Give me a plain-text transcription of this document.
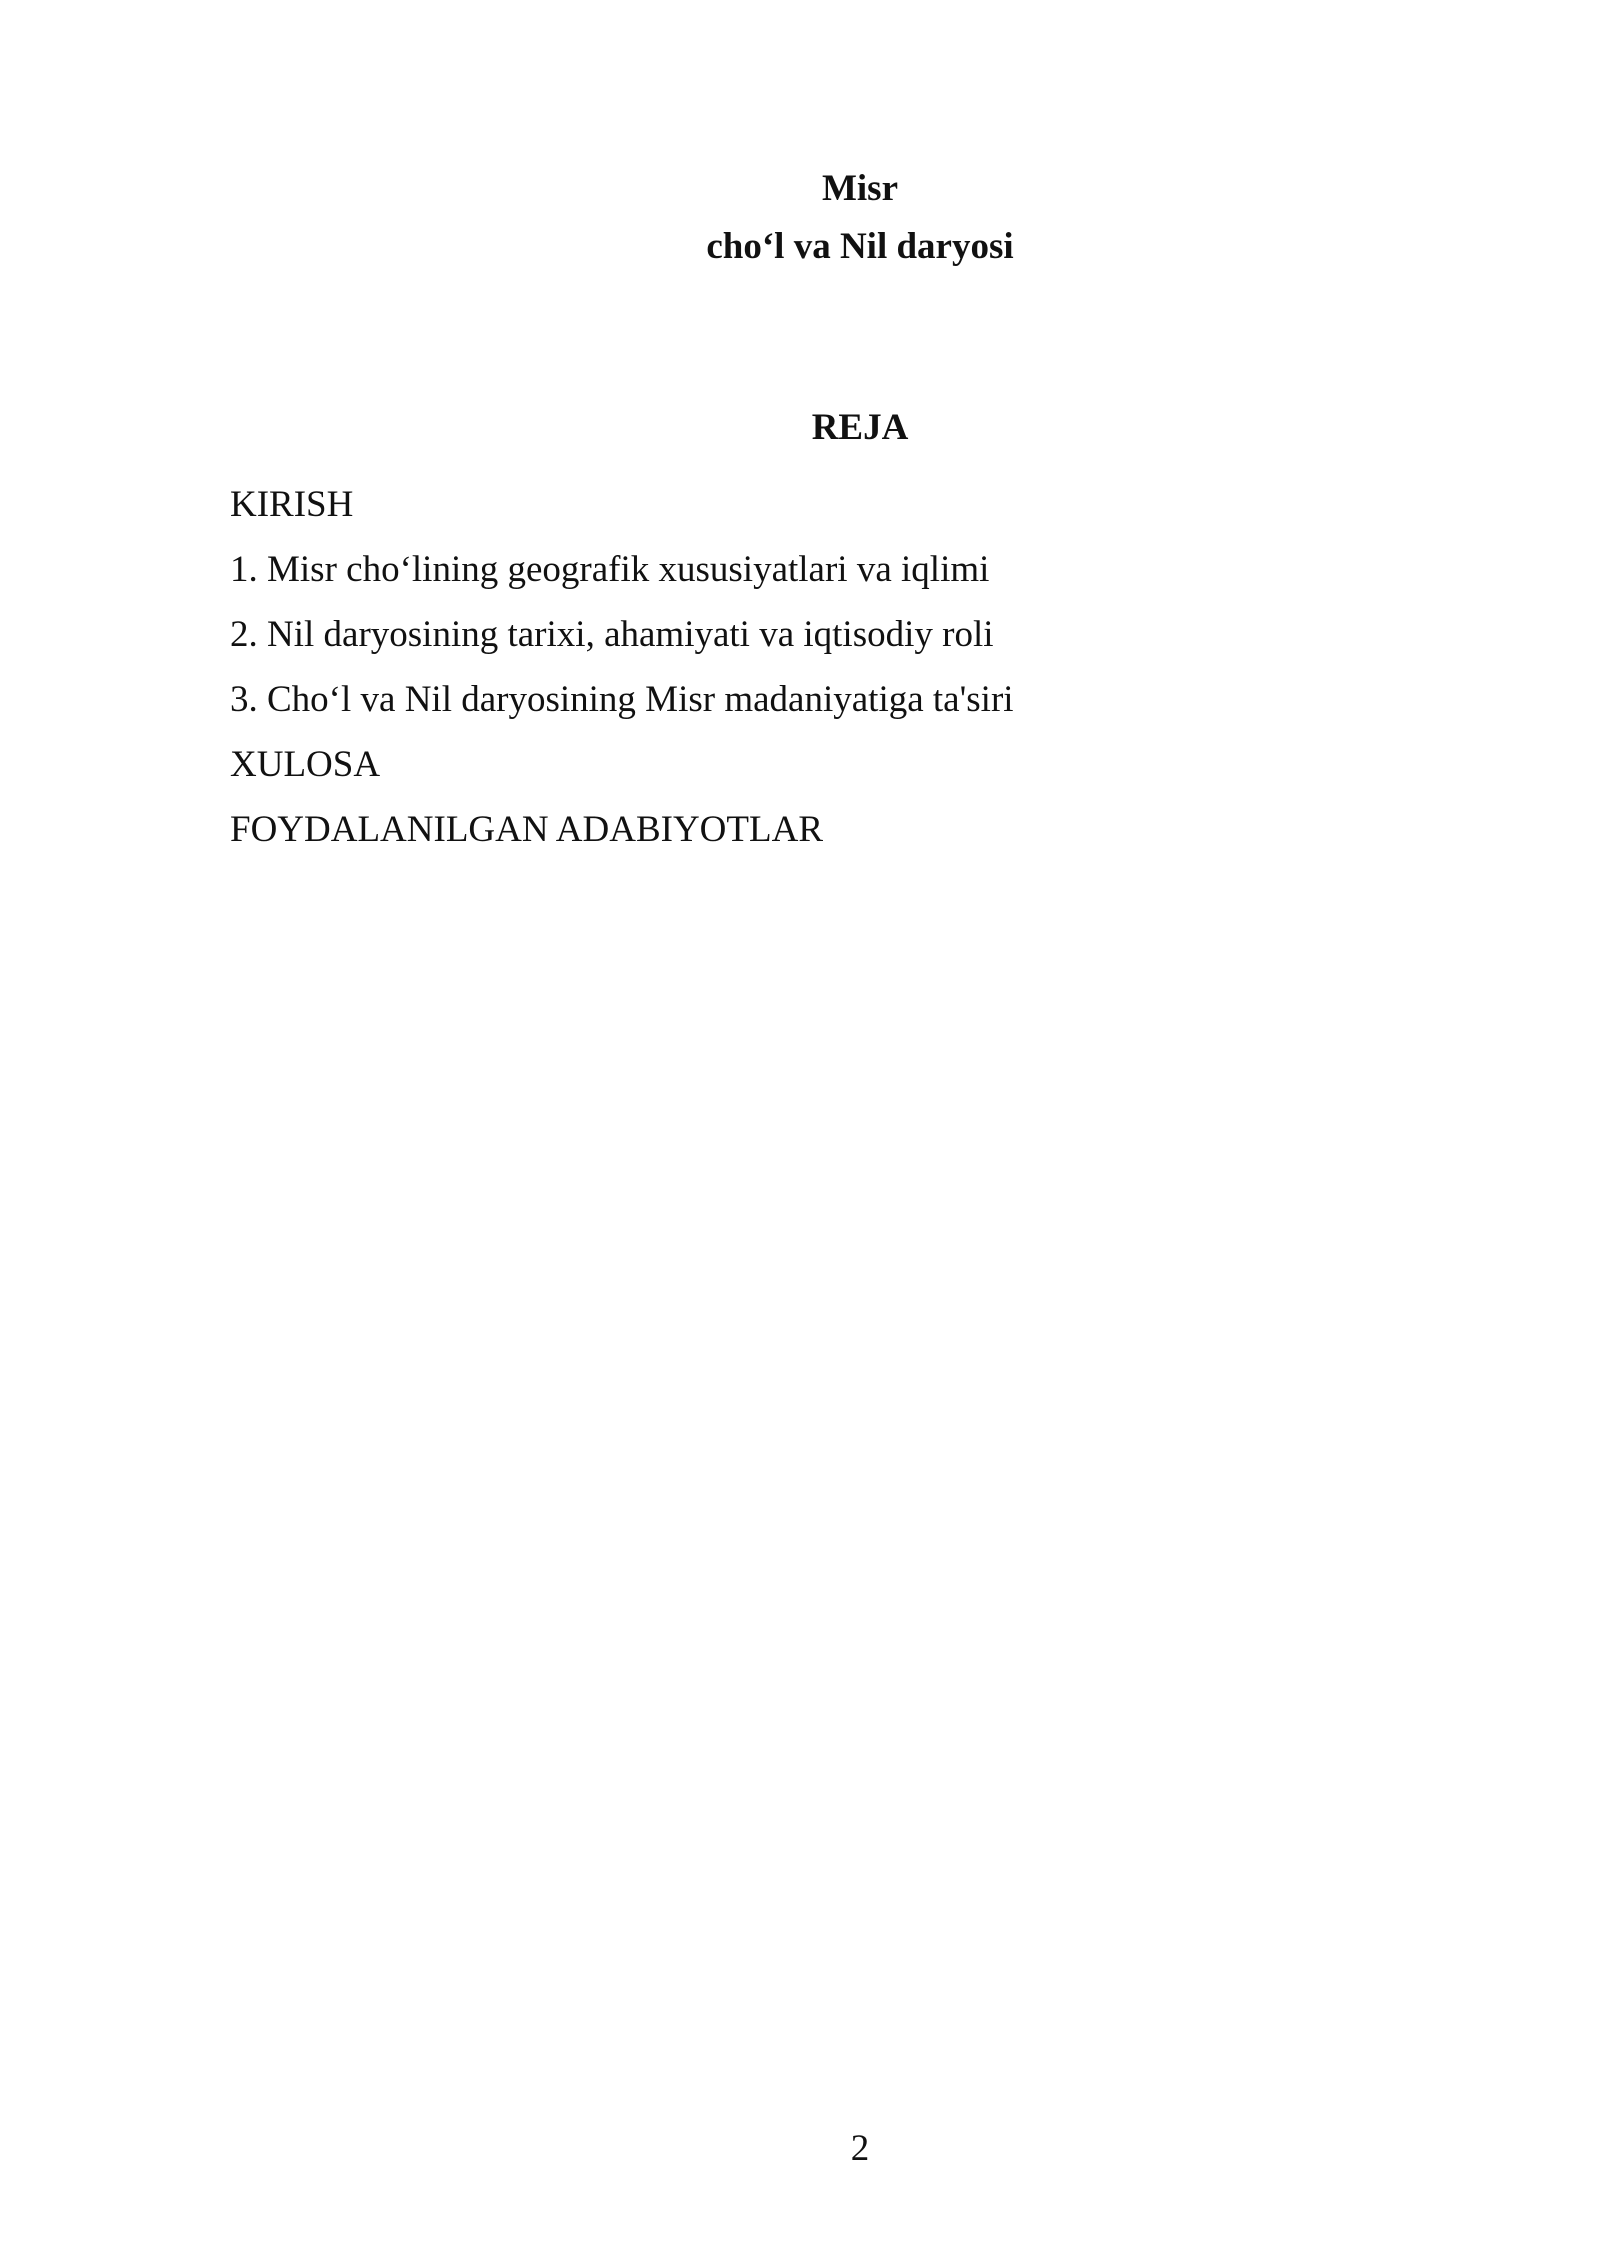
Misr
cho‘l va Nil daryosi
REJA
KIRISH
1. Misr cho‘lining geografik xususiyatlari va iqlimi
2. Nil daryosining tarixi, ahamiyati va iqtisodiy roli
3. Cho‘l va Nil daryosining Misr madaniyatiga ta'siri
XULOSA
FOYDALANILGAN ADABIYOTLAR
2
